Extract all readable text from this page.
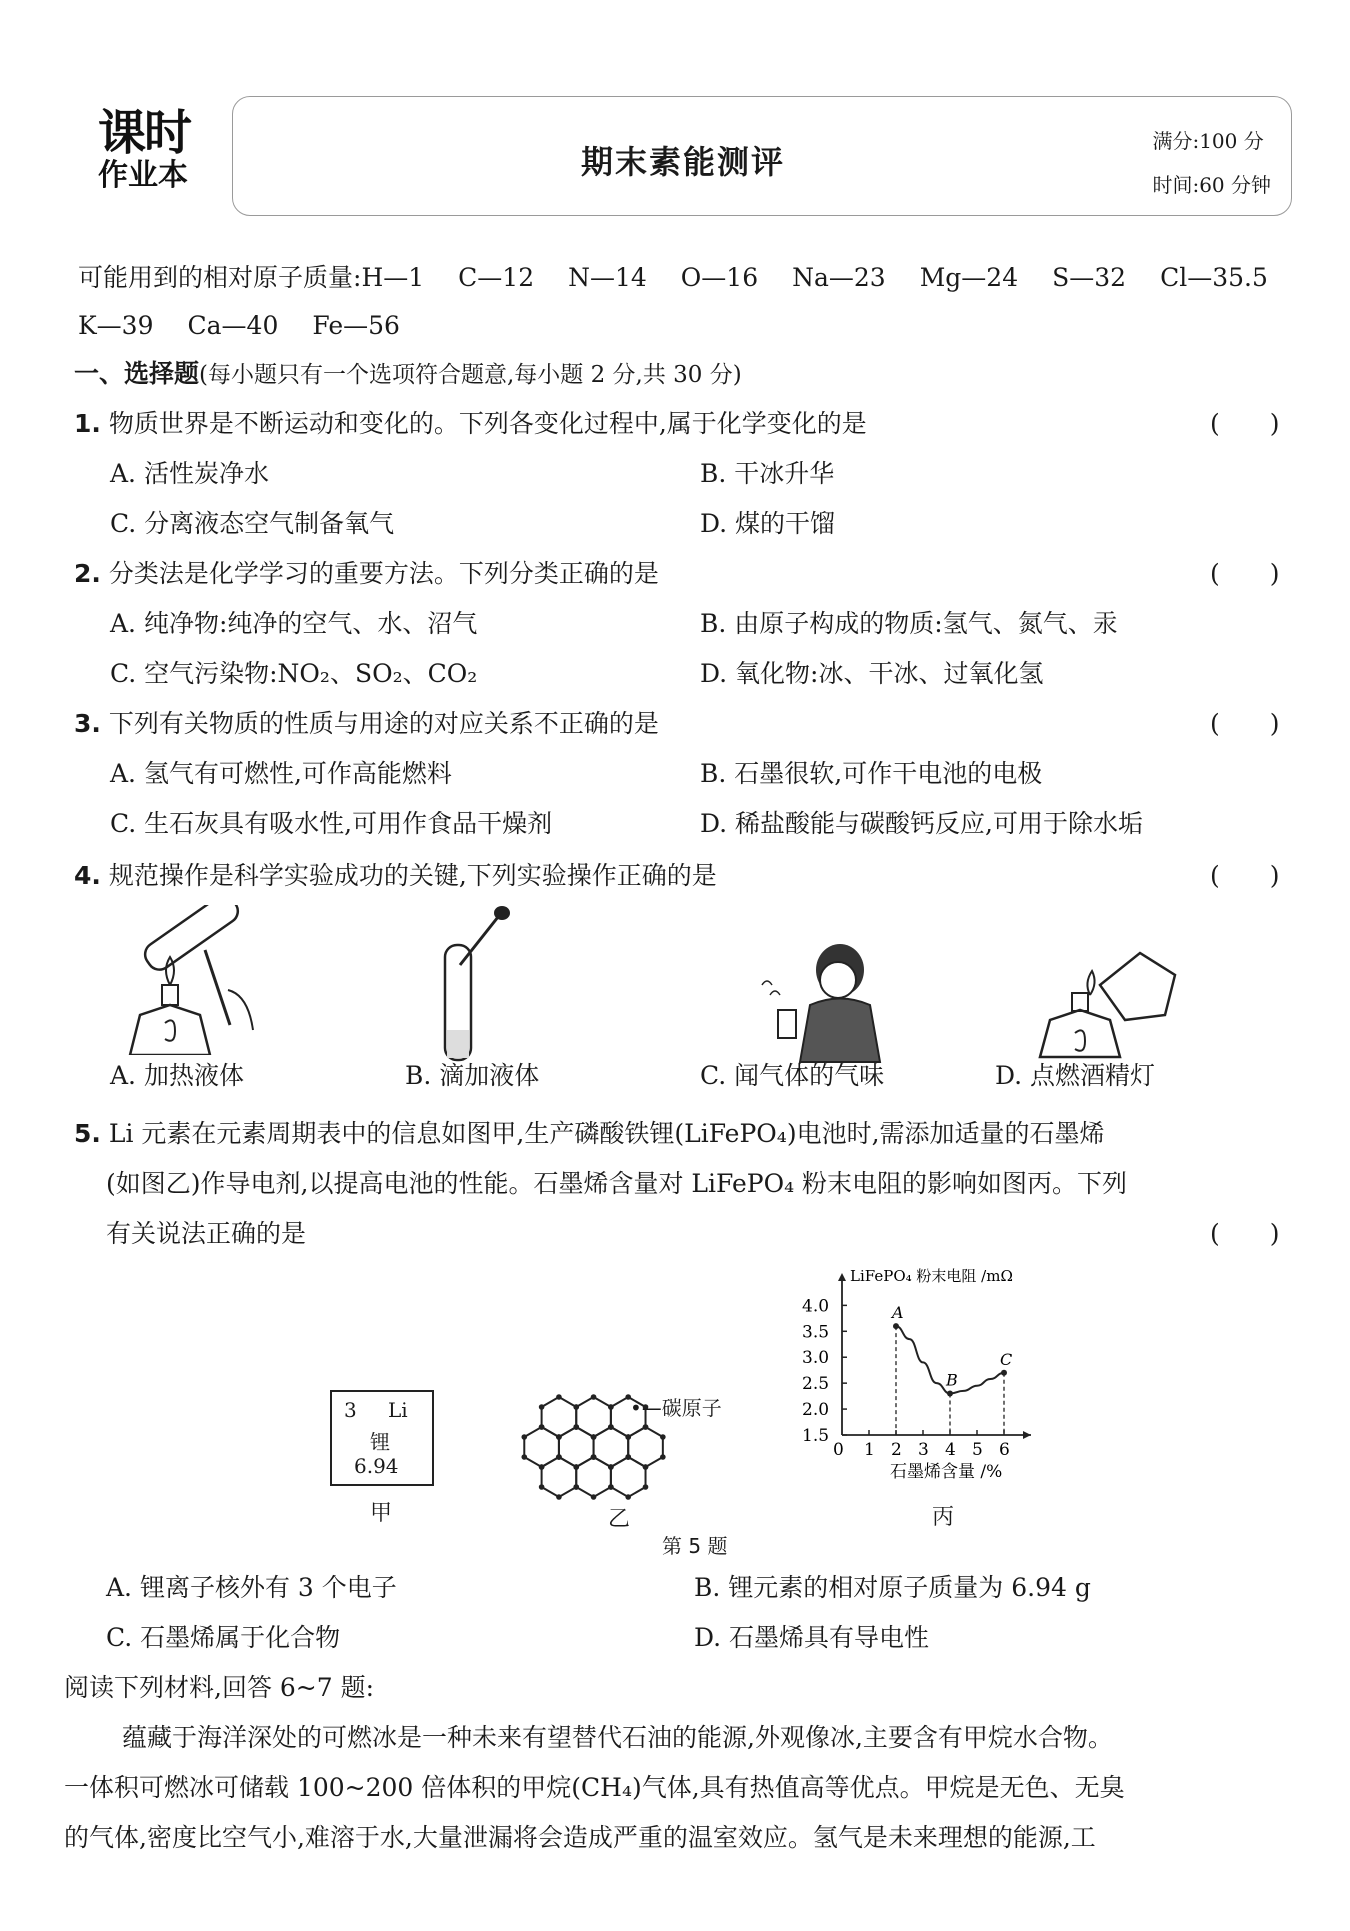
课时
作业本	期末素能测评
满分:100 分
时间:60 分钟
可能用到的相对原子质量:H—1 C—12 N—14 O—16 Na—23 Mg—24 S—32 Cl—35.5
K—39 Ca—40 Fe—56
一、选择题(每小题只有一个选项符合题意,每小题 2 分,共 30 分)
1. 物质世界是不断运动和变化的。下列各变化过程中,属于化学变化的是	(　　)
A. 活性炭净水	B. 干冰升华
C. 分离液态空气制备氧气	D. 煤的干馏
2. 分类法是化学学习的重要方法。下列分类正确的是	(　　)
A. 纯净物:纯净的空气、水、沼气	B. 由原子构成的物质:氢气、氮气、汞
C. 空气污染物:NO₂、SO₂、CO₂	D. 氧化物:冰、干冰、过氧化氢
3. 下列有关物质的性质与用途的对应关系不正确的是	(　　)
A. 氢气有可燃性,可作高能燃料	B. 石墨很软,可作干电池的电极
C. 生石灰具有吸水性,可用作食品干燥剂	D. 稀盐酸能与碳酸钙反应,可用于除水垢
4. 规范操作是科学实验成功的关键,下列实验操作正确的是	(　　)
A. 加热液体	B. 滴加液体	C. 闻气体的气味	D. 点燃酒精灯
5. Li 元素在元素周期表中的信息如图甲,生产磷酸铁锂(LiFePO₄)电池时,需添加适量的石墨烯
(如图乙)作导电剂,以提高电池的性能。石墨烯含量对 LiFePO₄ 粉末电阻的影响如图丙。下列
有关说法正确的是	(　　)
3 Li
锂
6.94
甲
•—碳原子
乙
LiFePO₄ 粉末电阻 /mΩ
石墨烯含量 /%
0 1 2 3 4 5 6
1.5
2.0
2.5
3.0
3.5
4.0	A
B
C
丙
第 5 题
A. 锂离子核外有 3 个电子	B. 锂元素的相对原子质量为 6.94 g
C. 石墨烯属于化合物	D. 石墨烯具有导电性
阅读下列材料,回答 6~7 题:
蕴藏于海洋深处的可燃冰是一种未来有望替代石油的能源,外观像冰,主要含有甲烷水合物。
一体积可燃冰可储载 100~200 倍体积的甲烷(CH₄)气体,具有热值高等优点。甲烷是无色、无臭
的气体,密度比空气小,难溶于水,大量泄漏将会造成严重的温室效应。氢气是未来理想的能源,工
